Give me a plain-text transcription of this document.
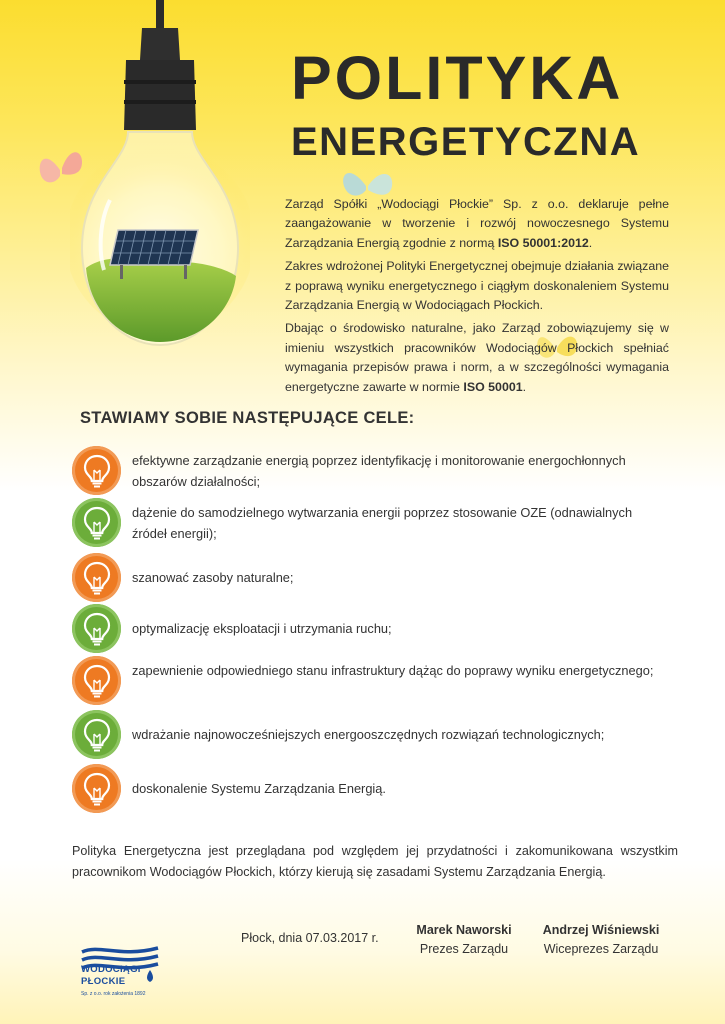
POLITYKA
ENERGETYCZNA

Zarząd Spółki „Wodociągi Płockie” Sp. z o.o. deklaruje pełne zaangażowanie w tworzenie i rozwój nowoczesnego Systemu Zarządzania Energią zgodnie z normą ISO 50001:2012.

Zakres wdrożonej Polityki Energetycznej obejmuje działania związane z poprawą wyniku energetycznego i ciągłym doskonaleniem Systemu Zarządzania Energią w Wodociągach Płockich.

Dbając o środowisko naturalne, jako Zarząd zobowiązujemy się w imieniu wszystkich pracowników Wodociągów Płockich spełniać wymagania przepisów prawa i norm, a w szczególności wymagania energetyczne zawarte w normie ISO 50001.

STAWIAMY SOBIE NASTĘPUJĄCE CELE:
efektywne zarządzanie energią poprzez identyfikację i monitorowanie energochłonnych obszarów działalności;
dążenie do samodzielnego wytwarzania energii poprzez stosowanie OZE (odnawialnych źródeł energii);
szanować zasoby naturalne;
optymalizację eksploatacji i utrzymania ruchu;
zapewnienie odpowiedniego stanu infrastruktury dążąc do poprawy wyniku energetycznego;
wdrażanie najnowocześniejszych energooszczędnych rozwiązań technologicznych;
doskonalenie Systemu Zarządzania Energią.
Polityka Energetyczna jest przeglądana pod względem jej przydatności i zakomunikowana wszystkim pracownikom Wodociągów Płockich, którzy kierują się zasadami Systemu Zarządzania Energią.
WODOCIĄGI
PŁOCKIE
Sp. z o.o. rok założenia 1892
Płock, dnia 07.03.2017 r.
Marek Naworski
Prezes Zarządu
Andrzej Wiśniewski
Wiceprezes Zarządu
